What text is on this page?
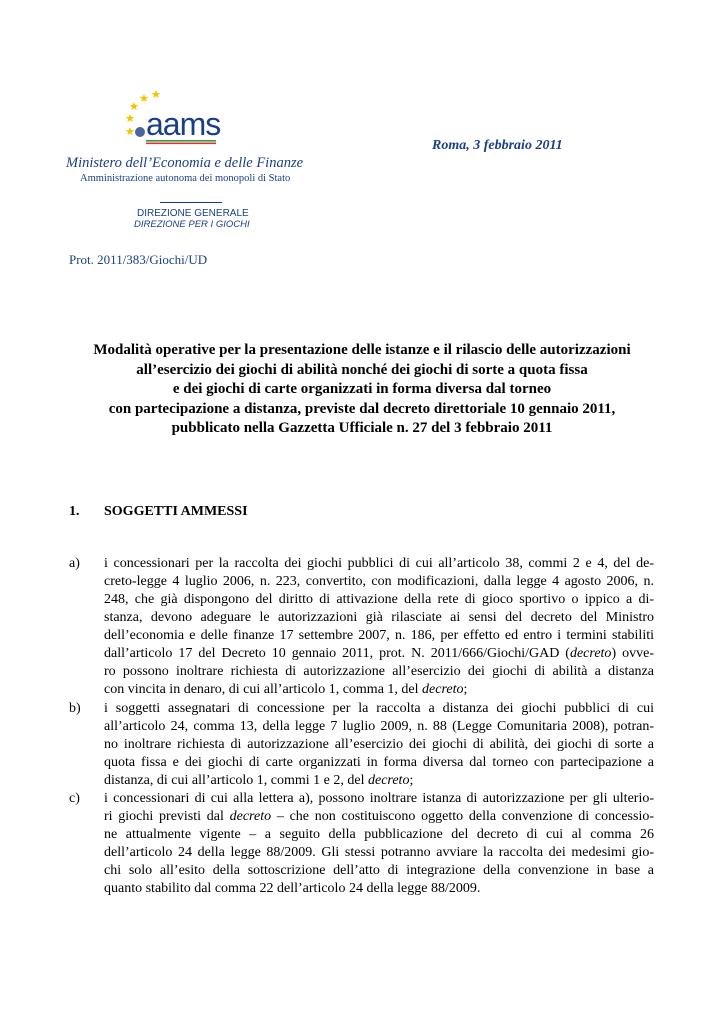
aams
Roma, 3 febbraio 2011
Ministero dell’Economia e delle Finanze
Amministrazione autonoma dei monopoli di Stato
DIREZIONE GENERALE
DIREZIONE PER I GIOCHI
Prot. 2011/383/Giochi/UD
Modalità operative per la presentazione delle istanze e il rilascio delle autorizzazioni
all’esercizio dei giochi di abilità nonché dei giochi di sorte a quota fissa
e dei giochi di carte organizzati in forma diversa dal torneo
con partecipazione a distanza, previste dal decreto direttoriale 10 gennaio 2011,
pubblicato nella Gazzetta Ufficiale n. 27 del 3 febbraio 2011
1. SOGGETTI AMMESSI
a) i concessionari per la raccolta dei giochi pubblici di cui all’articolo 38, commi 2 e 4, del de-
creto-legge 4 luglio 2006, n. 223, convertito, con modificazioni, dalla legge 4 agosto 2006, n.
248, che già dispongono del diritto di attivazione della rete di gioco sportivo o ippico a di-
stanza, devono adeguare le autorizzazioni già rilasciate ai sensi del decreto del Ministro
dell’economia e delle finanze 17 settembre 2007, n. 186, per effetto ed entro i termini stabiliti
dall’articolo 17 del Decreto 10 gennaio 2011, prot. N. 2011/666/Giochi/GAD (decreto) ovve-
ro possono inoltrare richiesta di autorizzazione all’esercizio dei giochi di abilità a distanza
con vincita in denaro, di cui all’articolo 1, comma 1, del decreto;
b) i soggetti assegnatari di concessione per la raccolta a distanza dei giochi pubblici di cui
all’articolo 24, comma 13, della legge 7 luglio 2009, n. 88 (Legge Comunitaria 2008), potran-
no inoltrare richiesta di autorizzazione all’esercizio dei giochi di abilità, dei giochi di sorte a
quota fissa e dei giochi di carte organizzati in forma diversa dal torneo con partecipazione a
distanza, di cui all’articolo 1, commi 1 e 2, del decreto;
c) i concessionari di cui alla lettera a), possono inoltrare istanza di autorizzazione per gli ulterio-
ri giochi previsti dal decreto – che non costituiscono oggetto della convenzione di concessio-
ne attualmente vigente – a seguito della pubblicazione del decreto di cui al comma 26
dell’articolo 24 della legge 88/2009. Gli stessi potranno avviare la raccolta dei medesimi gio-
chi solo all’esito della sottoscrizione dell’atto di integrazione della convenzione in base a
quanto stabilito dal comma 22 dell’articolo 24 della legge 88/2009.
